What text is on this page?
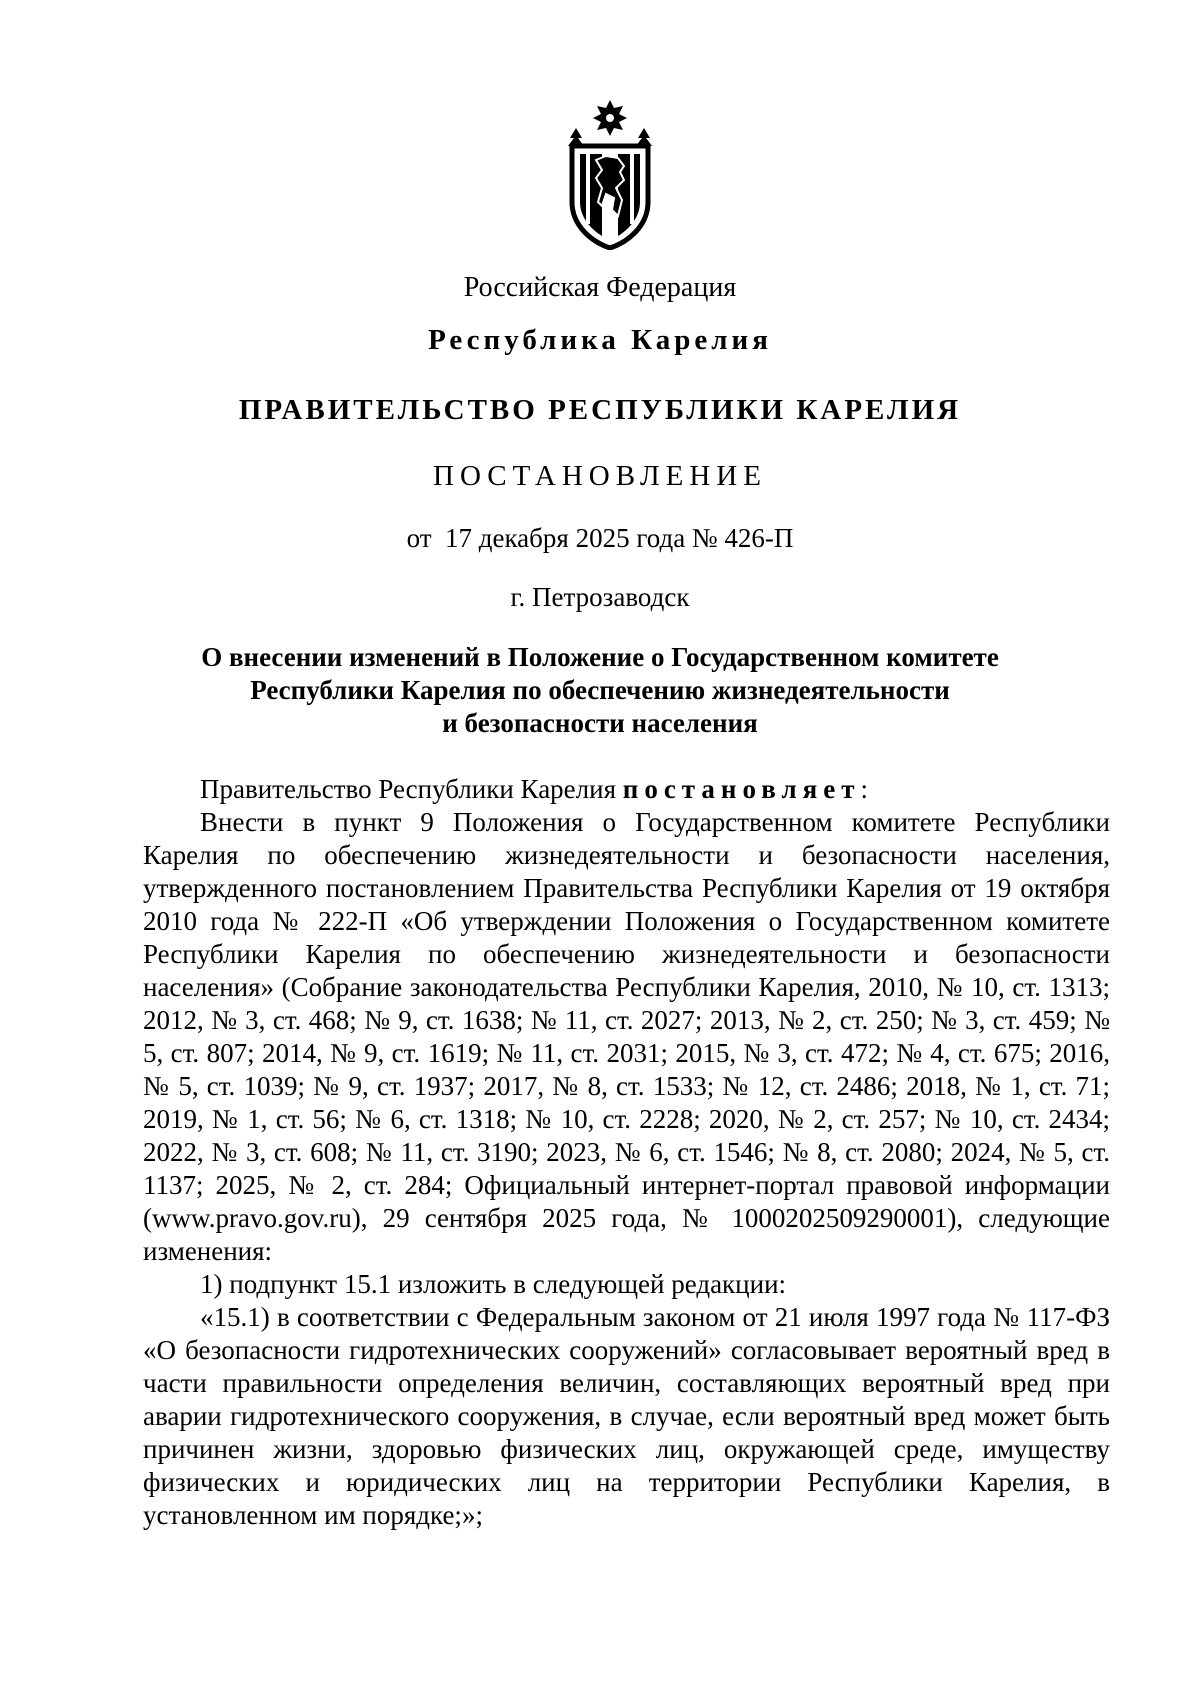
Российская Федерация
Республика Карелия
ПРАВИТЕЛЬСТВО РЕСПУБЛИКИ КАРЕЛИЯ
ПОСТАНОВЛЕНИЕ
от  17 декабря 2025 года № 426-П
г. Петрозаводск
О внесении изменений в Положение о Государственном комитете
Республики Карелия по обеспечению жизнедеятельности
и безопасности населения

Правительство Республики Карелия постановляет:

Внести в пункт 9 Положения о Государственном комитете Республики Карелия по обеспечению жизнедеятельности и безопасности населения, утвержденного постановлением Правительства Республики Карелия от 19 октября 2010 года № 222-П «Об утверждении Положения о Государственном комитете Республики Карелия по обеспечению жизнедеятельности и безопасности населения» (Собрание законодательства Республики Карелия, 2010, № 10, ст. 1313; 2012, № 3, ст. 468; № 9, ст. 1638; № 11, ст. 2027; 2013, № 2, ст. 250; № 3, ст. 459; № 5, ст. 807; 2014, № 9, ст. 1619; № 11, ст. 2031; 2015, № 3, ст. 472; № 4, ст. 675; 2016, № 5, ст. 1039; № 9, ст. 1937; 2017, № 8, ст. 1533; № 12, ст. 2486; 2018, № 1, ст. 71; 2019, № 1, ст. 56; № 6, ст. 1318; № 10, ст. 2228; 2020, № 2, ст. 257; № 10, ст. 2434; 2022, № 3, ст. 608; № 11, ст. 3190; 2023, № 6, ст. 1546; № 8, ст. 2080; 2024, № 5, ст. 1137; 2025, № 2, ст. 284; Официальный интернет-портал правовой информации (www.pravo.gov.ru), 29 сентября 2025 года, № 1000202509290001), следующие изменения:

1) подпункт 15.1 изложить в следующей редакции:

«15.1) в соответствии с Федеральным законом от 21 июля 1997 года № 117-ФЗ «О безопасности гидротехнических сооружений» согласовывает вероятный вред в части правильности определения величин, составляющих вероятный вред при аварии гидротехнического сооружения, в случае, если вероятный вред может быть причинен жизни, здоровью физических лиц, окружающей среде, имуществу физических и юридических лиц на территории Республики Карелия, в установленном им порядке;»;
